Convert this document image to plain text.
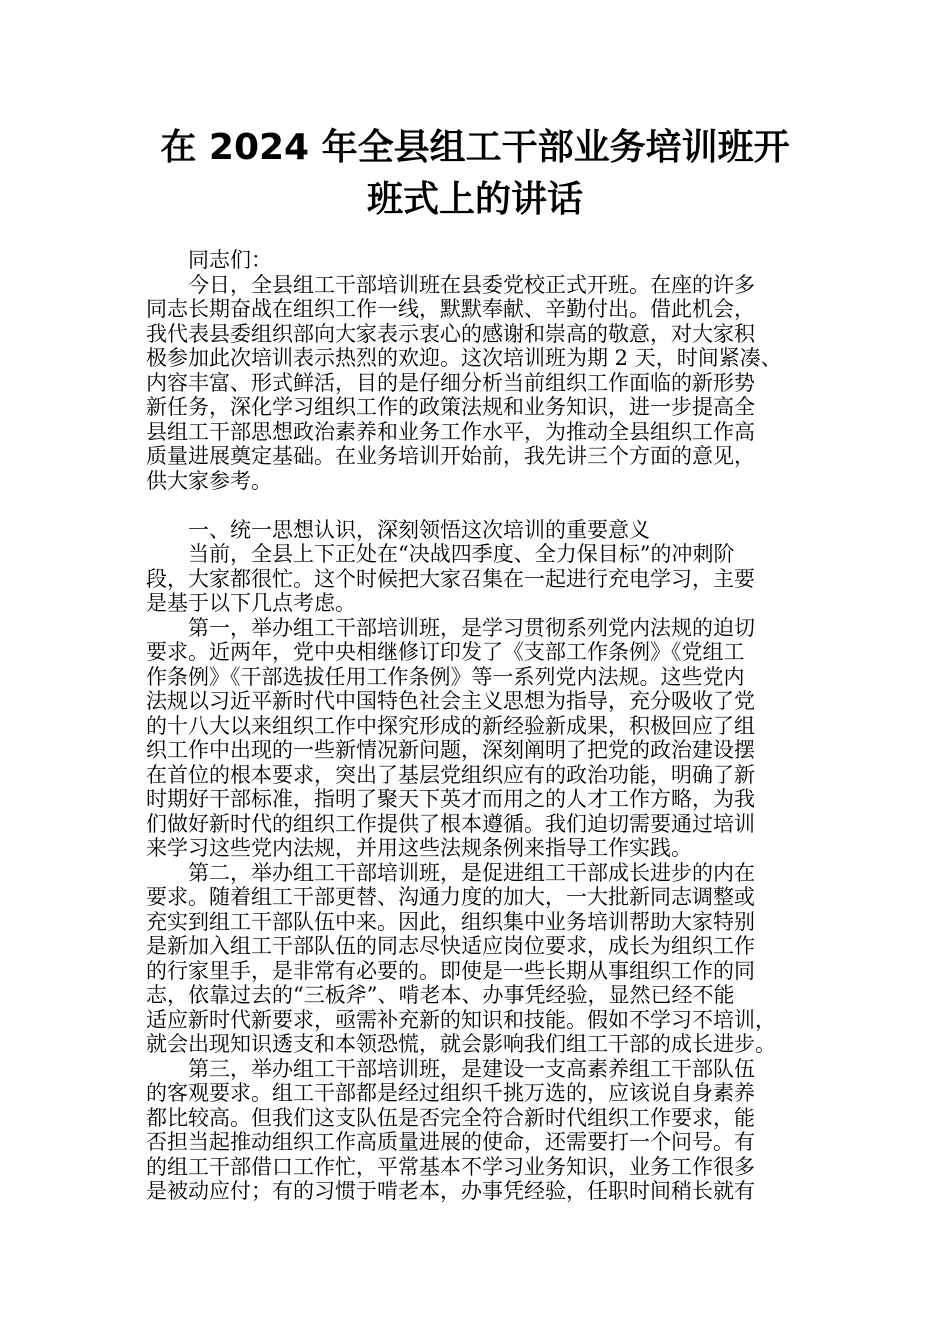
在 2024 年全县组工干部业务培训班开
班式上的讲话

同志们：

今日，全县组工干部培训班在县委党校正式开班。在座的许多
同志长期奋战在组织工作一线，默默奉献、辛勤付出。借此机会，
我代表县委组织部向大家表示衷心的感谢和崇高的敬意，对大家积
极参加此次培训表示热烈的欢迎。这次培训班为期 2 天，时间紧凑、
内容丰富、形式鲜活，目的是仔细分析当前组织工作面临的新形势
新任务，深化学习组织工作的政策法规和业务知识，进一步提高全
县组工干部思想政治素养和业务工作水平，为推动全县组织工作高
质量进展奠定基础。在业务培训开始前，我先讲三个方面的意见，
供大家参考。

一、统一思想认识，深刻领悟这次培训的重要意义

当前，全县上下正处在“决战四季度、全力保目标”的冲刺阶
段，大家都很忙。这个时候把大家召集在一起进行充电学习，主要
是基于以下几点考虑。

第一，举办组工干部培训班，是学习贯彻系列党内法规的迫切
要求。近两年，党中央相继修订印发了《支部工作条例》《党组工
作条例》《干部选拔任用工作条例》等一系列党内法规。这些党内
法规以习近平新时代中国特色社会主义思想为指导，充分吸收了党
的十八大以来组织工作中探究形成的新经验新成果，积极回应了组
织工作中出现的一些新情况新问题，深刻阐明了把党的政治建设摆
在首位的根本要求，突出了基层党组织应有的政治功能，明确了新
时期好干部标准，指明了聚天下英才而用之的人才工作方略，为我
们做好新时代的组织工作提供了根本遵循。我们迫切需要通过培训
来学习这些党内法规，并用这些法规条例来指导工作实践。

第二，举办组工干部培训班，是促进组工干部成长进步的内在
要求。随着组工干部更替、沟通力度的加大，一大批新同志调整或
充实到组工干部队伍中来。因此，组织集中业务培训帮助大家特别
是新加入组工干部队伍的同志尽快适应岗位要求，成长为组织工作
的行家里手，是非常有必要的。即使是一些长期从事组织工作的同
志，依靠过去的“三板斧”、啃老本、办事凭经验，显然已经不能
适应新时代新要求，亟需补充新的知识和技能。假如不学习不培训，
就会出现知识透支和本领恐慌，就会影响我们组工干部的成长进步。

第三，举办组工干部培训班，是建设一支高素养组工干部队伍
的客观要求。组工干部都是经过组织千挑万选的，应该说自身素养
都比较高。但我们这支队伍是否完全符合新时代组织工作要求，能
否担当起推动组织工作高质量进展的使命，还需要打一个问号。有
的组工干部借口工作忙，平常基本不学习业务知识，业务工作很多
是被动应付；有的习惯于啃老本，办事凭经验，任职时间稍长就有
